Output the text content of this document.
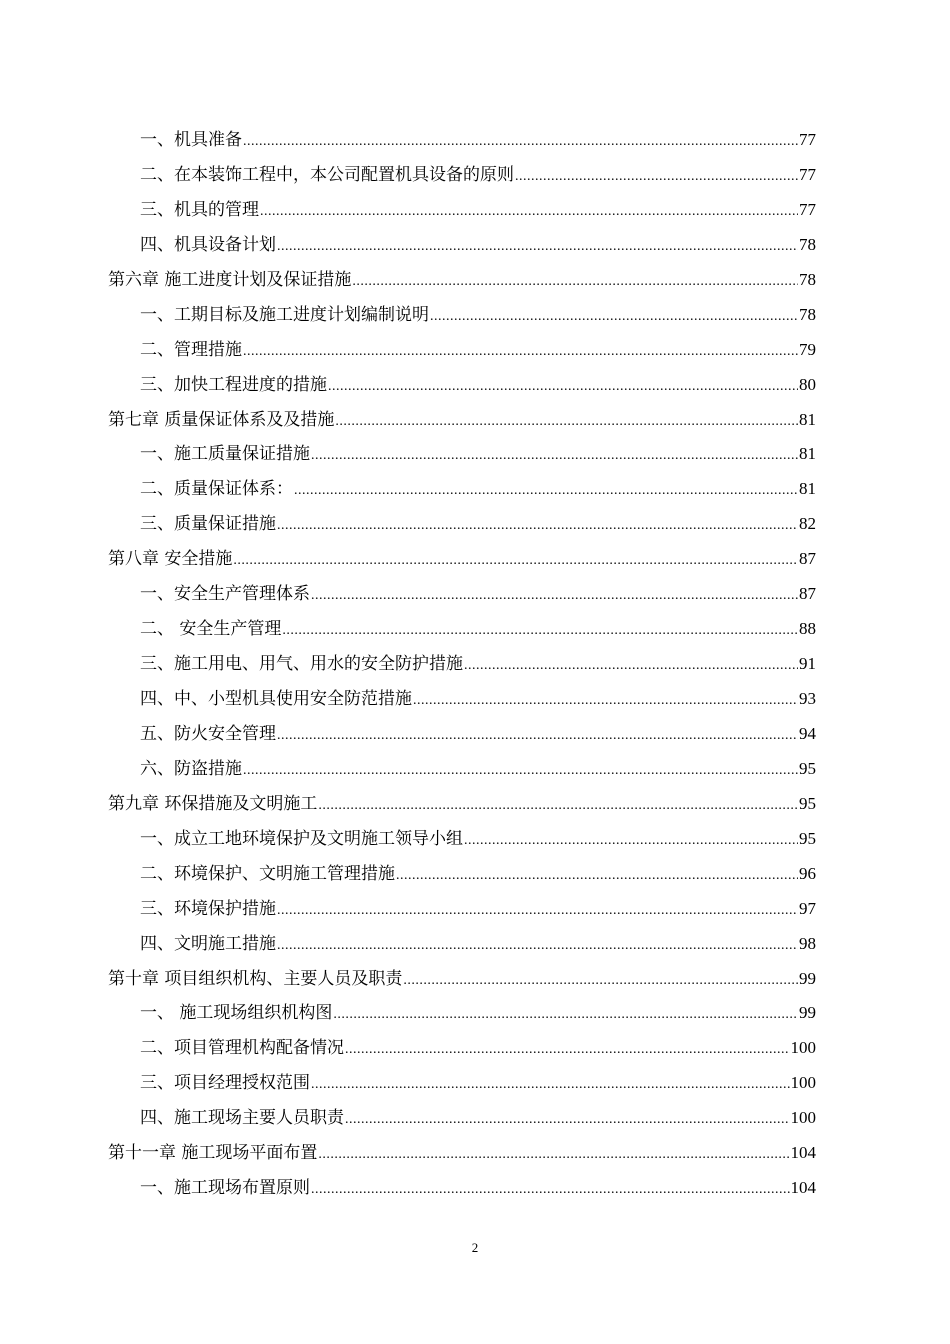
一、机具准备 .....	77
二、在本装饰工程中，本公司配置机具设备的原则 .....	77
三、机具的管理 .....	77
四、机具设备计划 .....	78
第六章 施工进度计划及保证措施 .....	78
一、工期目标及施工进度计划编制说明 .....	78
二、管理措施 .....	79
三、加快工程进度的措施 .....	80
第七章 质量保证体系及及措施 .....	81
一、施工质量保证措施 .....	81
二、质量保证体系： .....	81
三、质量保证措施 .....	82
第八章 安全措施 .....	87
一、安全生产管理体系 .....	87
二、 安全生产管理 .....	88
三、施工用电、用气、用水的安全防护措施 .....	91
四、中、小型机具使用安全防范措施 .....	93
五、防火安全管理 .....	94
六、防盗措施 .....	95
第九章 环保措施及文明施工 .....	95
一、成立工地环境保护及文明施工领导小组 .....	95
二、环境保护、文明施工管理措施 .....	96
三、环境保护措施 .....	97
四、文明施工措施 .....	98
第十章 项目组织机构、主要人员及职责 .....	99
一、 施工现场组织机构图 .....	99
二、项目管理机构配备情况 .....	100
三、项目经理授权范围 .....	100
四、施工现场主要人员职责 .....	100
第十一章 施工现场平面布置 .....	104
一、施工现场布置原则 .....	104
2
